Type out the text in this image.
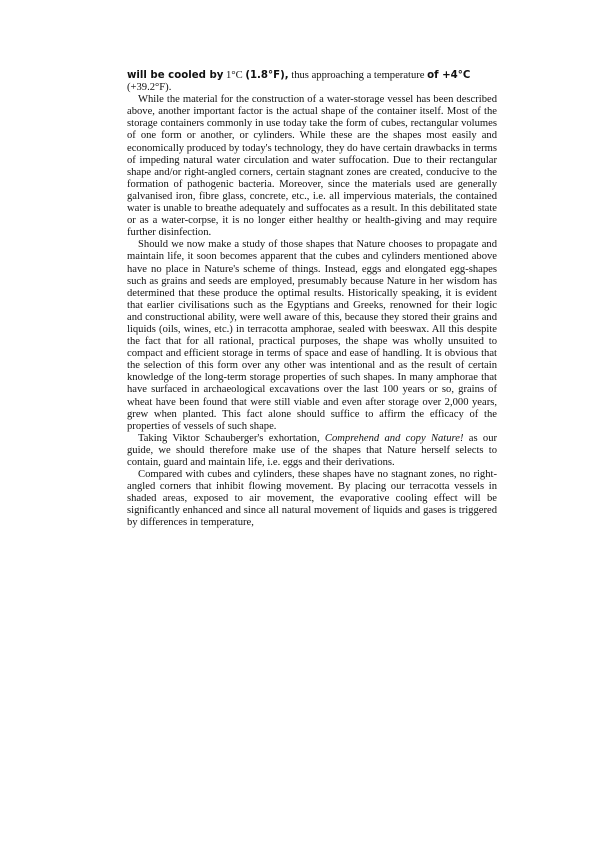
will be cooled by 1°C (1.8°F), thus approaching a temperature of +4°C

(+39.2°F).

While the material for the construction of a water-storage vessel has been described above, another important factor is the actual shape of the container itself. Most of the storage containers commonly in use today take the form of cubes, rectangular volumes of one form or another, or cylinders. While these are the shapes most easily and economically produced by today's technology, they do have certain drawbacks in terms of impeding natural water circulation and water suffocation. Due to their rectangular shape and/or right-angled corners, certain stagnant zones are created, conducive to the formation of pathogenic bacteria. Moreover, since the materials used are generally galvanised iron, fibre glass, concrete, etc., i.e. all impervious materials, the contained water is unable to breathe adequately and suffocates as a result. In this debilitated state or as a water-corpse, it is no longer either healthy or health-giving and may require further disinfection.

Should we now make a study of those shapes that Nature chooses to propagate and maintain life, it soon becomes apparent that the cubes and cylinders mentioned above have no place in Nature's scheme of things. Instead, eggs and elongated egg-shapes such as grains and seeds are employed, presumably because Nature in her wisdom has determined that these produce the optimal results. Historically speaking, it is evident that earlier civilisations such as the Egyptians and Greeks, renowned for their logic and constructional ability, were well aware of this, because they stored their grains and liquids (oils, wines, etc.) in terracotta amphorae, sealed with beeswax. All this despite the fact that for all rational, practical purposes, the shape was wholly unsuited to compact and efficient storage in terms of space and ease of handling. It is obvious that the selection of this form over any other was intentional and as the result of certain knowledge of the long-term storage properties of such shapes. In many amphorae that have surfaced in archaeological excavations over the last 100 years or so, grains of wheat have been found that were still viable and even after storage over 2,000 years, grew when planted. This fact alone should suffice to affirm the efficacy of the properties of vessels of such shape.

Taking Viktor Schauberger's exhortation, Comprehend and copy Nature! as our guide, we should therefore make use of the shapes that Nature herself selects to contain, guard and maintain life, i.e. eggs and their derivations.

Compared with cubes and cylinders, these shapes have no stagnant zones, no right-angled corners that inhibit flowing movement. By placing our terracotta vessels in shaded areas, exposed to air movement, the evaporative cooling effect will be significantly enhanced and since all natural movement of liquids and gases is triggered by differences in temperature,
